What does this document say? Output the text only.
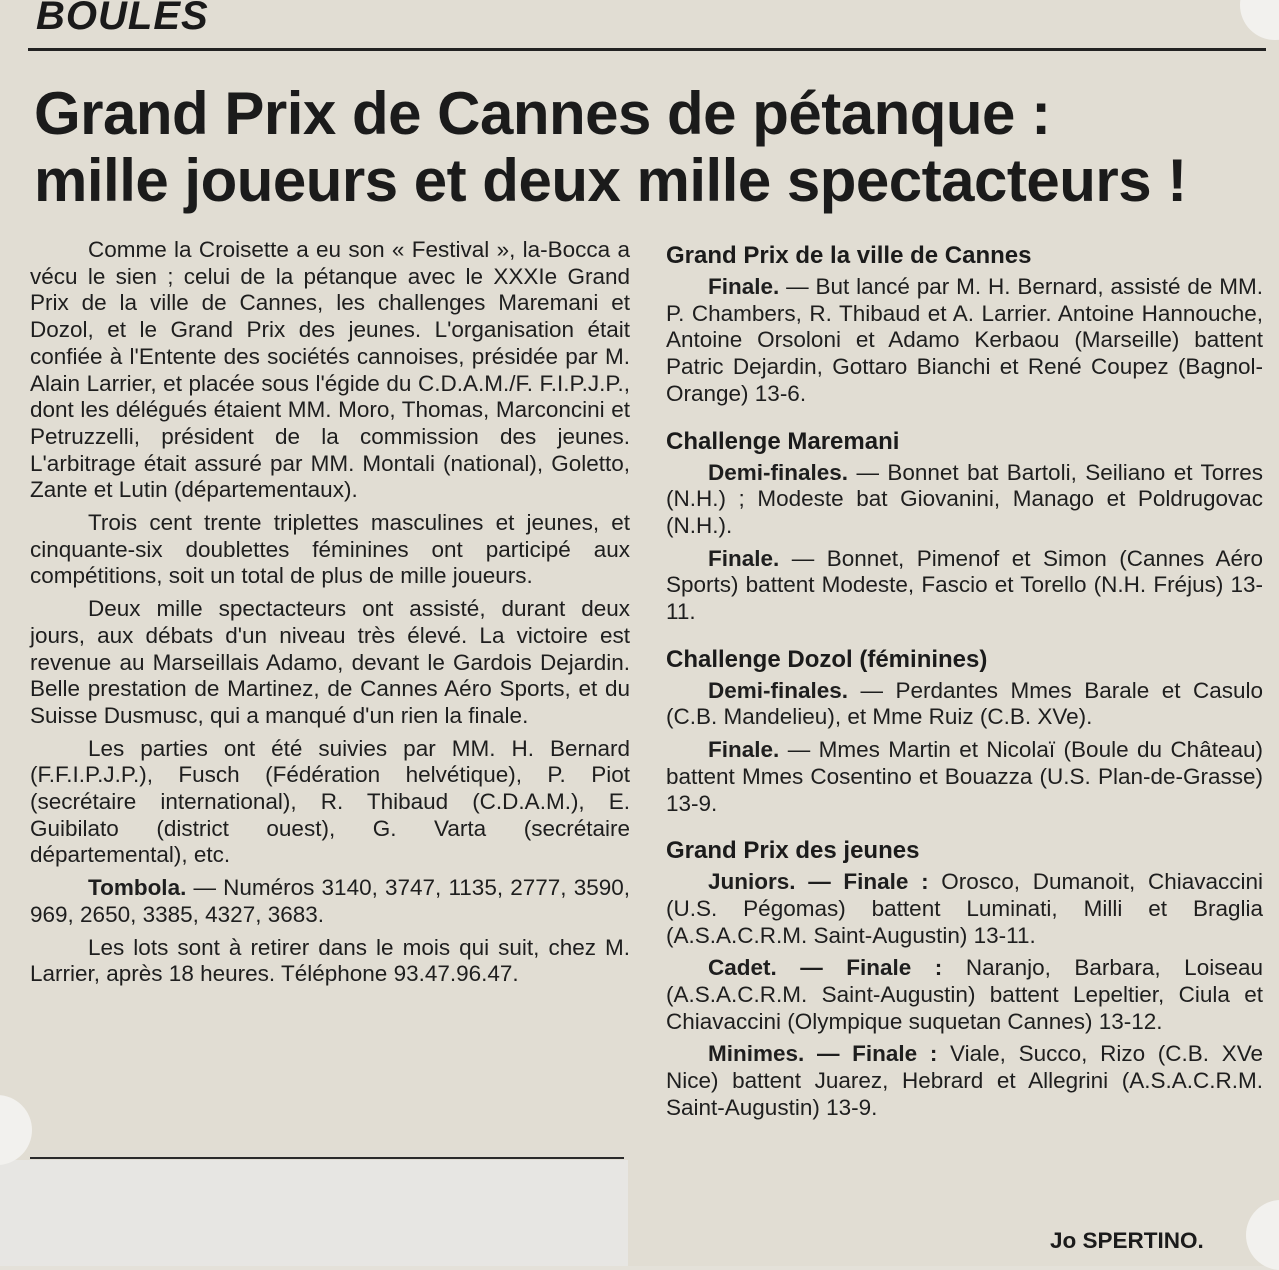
BOULES
Grand Prix de Cannes de pétanque :
mille joueurs et deux mille spectacteurs !

Comme la Croisette a eu son « Festival », la-Bocca a vécu le sien ; celui de la pétanque avec le XXXIe Grand Prix de la ville de Cannes, les challenges Maremani et Dozol, et le Grand Prix des jeunes. L'organisation était confiée à l'Entente des sociétés cannoises, présidée par M. Alain Larrier, et placée sous l'égide du C.D.A.M./F. F.I.P.J.P., dont les délégués étaient MM. Moro, Thomas, Marconcini et Petruzzelli, président de la commission des jeunes. L'arbitrage était assuré par MM. Montali (national), Goletto, Zante et Lutin (départementaux).

Trois cent trente triplettes masculines et jeunes, et cinquante-six doublettes féminines ont participé aux compétitions, soit un total de plus de mille joueurs.

Deux mille spectacteurs ont assisté, durant deux jours, aux débats d'un niveau très élevé. La victoire est revenue au Marseillais Adamo, devant le Gardois Dejardin. Belle prestation de Martinez, de Cannes Aéro Sports, et du Suisse Dusmusc, qui a manqué d'un rien la finale.

Les parties ont été suivies par MM. H. Bernard (F.F.I.P.J.P.), Fusch (Fédération helvétique), P. Piot (secrétaire international), R. Thibaud (C.D.A.M.), E. Guibilato (district ouest), G. Varta (secrétaire départemental), etc.

Tombola. — Numéros 3140, 3747, 1135, 2777, 3590, 969, 2650, 3385, 4327, 3683.

Les lots sont à retirer dans le mois qui suit, chez M. Larrier, après 18 heures. Téléphone 93.47.96.47.

Grand Prix de la ville de Cannes

Finale. — But lancé par M. H. Bernard, assisté de MM. P. Chambers, R. Thibaud et A. Larrier. Antoine Hannouche, Antoine Orsoloni et Adamo Kerbaou (Marseille) battent Patric Dejardin, Gottaro Bianchi et René Coupez (Bagnol-Orange) 13-6.

Challenge Maremani

Demi-finales. — Bonnet bat Bartoli, Seiliano et Torres (N.H.) ; Modeste bat Giovanini, Manago et Poldrugovac (N.H.).

Finale. — Bonnet, Pimenof et Simon (Cannes Aéro Sports) battent Modeste, Fascio et Torello (N.H. Fréjus) 13-11.

Challenge Dozol (féminines)

Demi-finales. — Perdantes Mmes Barale et Casulo (C.B. Mandelieu), et Mme Ruiz (C.B. XVe).

Finale. — Mmes Martin et Nicolaï (Boule du Château) battent Mmes Cosentino et Bouazza (U.S. Plan-de-Grasse) 13-9.

Grand Prix des jeunes

Juniors. — Finale : Orosco, Dumanoit, Chiavaccini (U.S. Pégomas) battent Luminati, Milli et Braglia (A.S.A.C.R.M. Saint-Augustin) 13-11.

Cadet. — Finale : Naranjo, Barbara, Loiseau (A.S.A.C.R.M. Saint-Augustin) battent Lepeltier, Ciula et Chiavaccini (Olympique suquetan Cannes) 13-12.

Minimes. — Finale : Viale, Succo, Rizo (C.B. XVe Nice) battent Juarez, Hebrard et Allegrini (A.S.A.C.R.M. Saint-Augustin) 13-9.

Jo SPERTINO.
